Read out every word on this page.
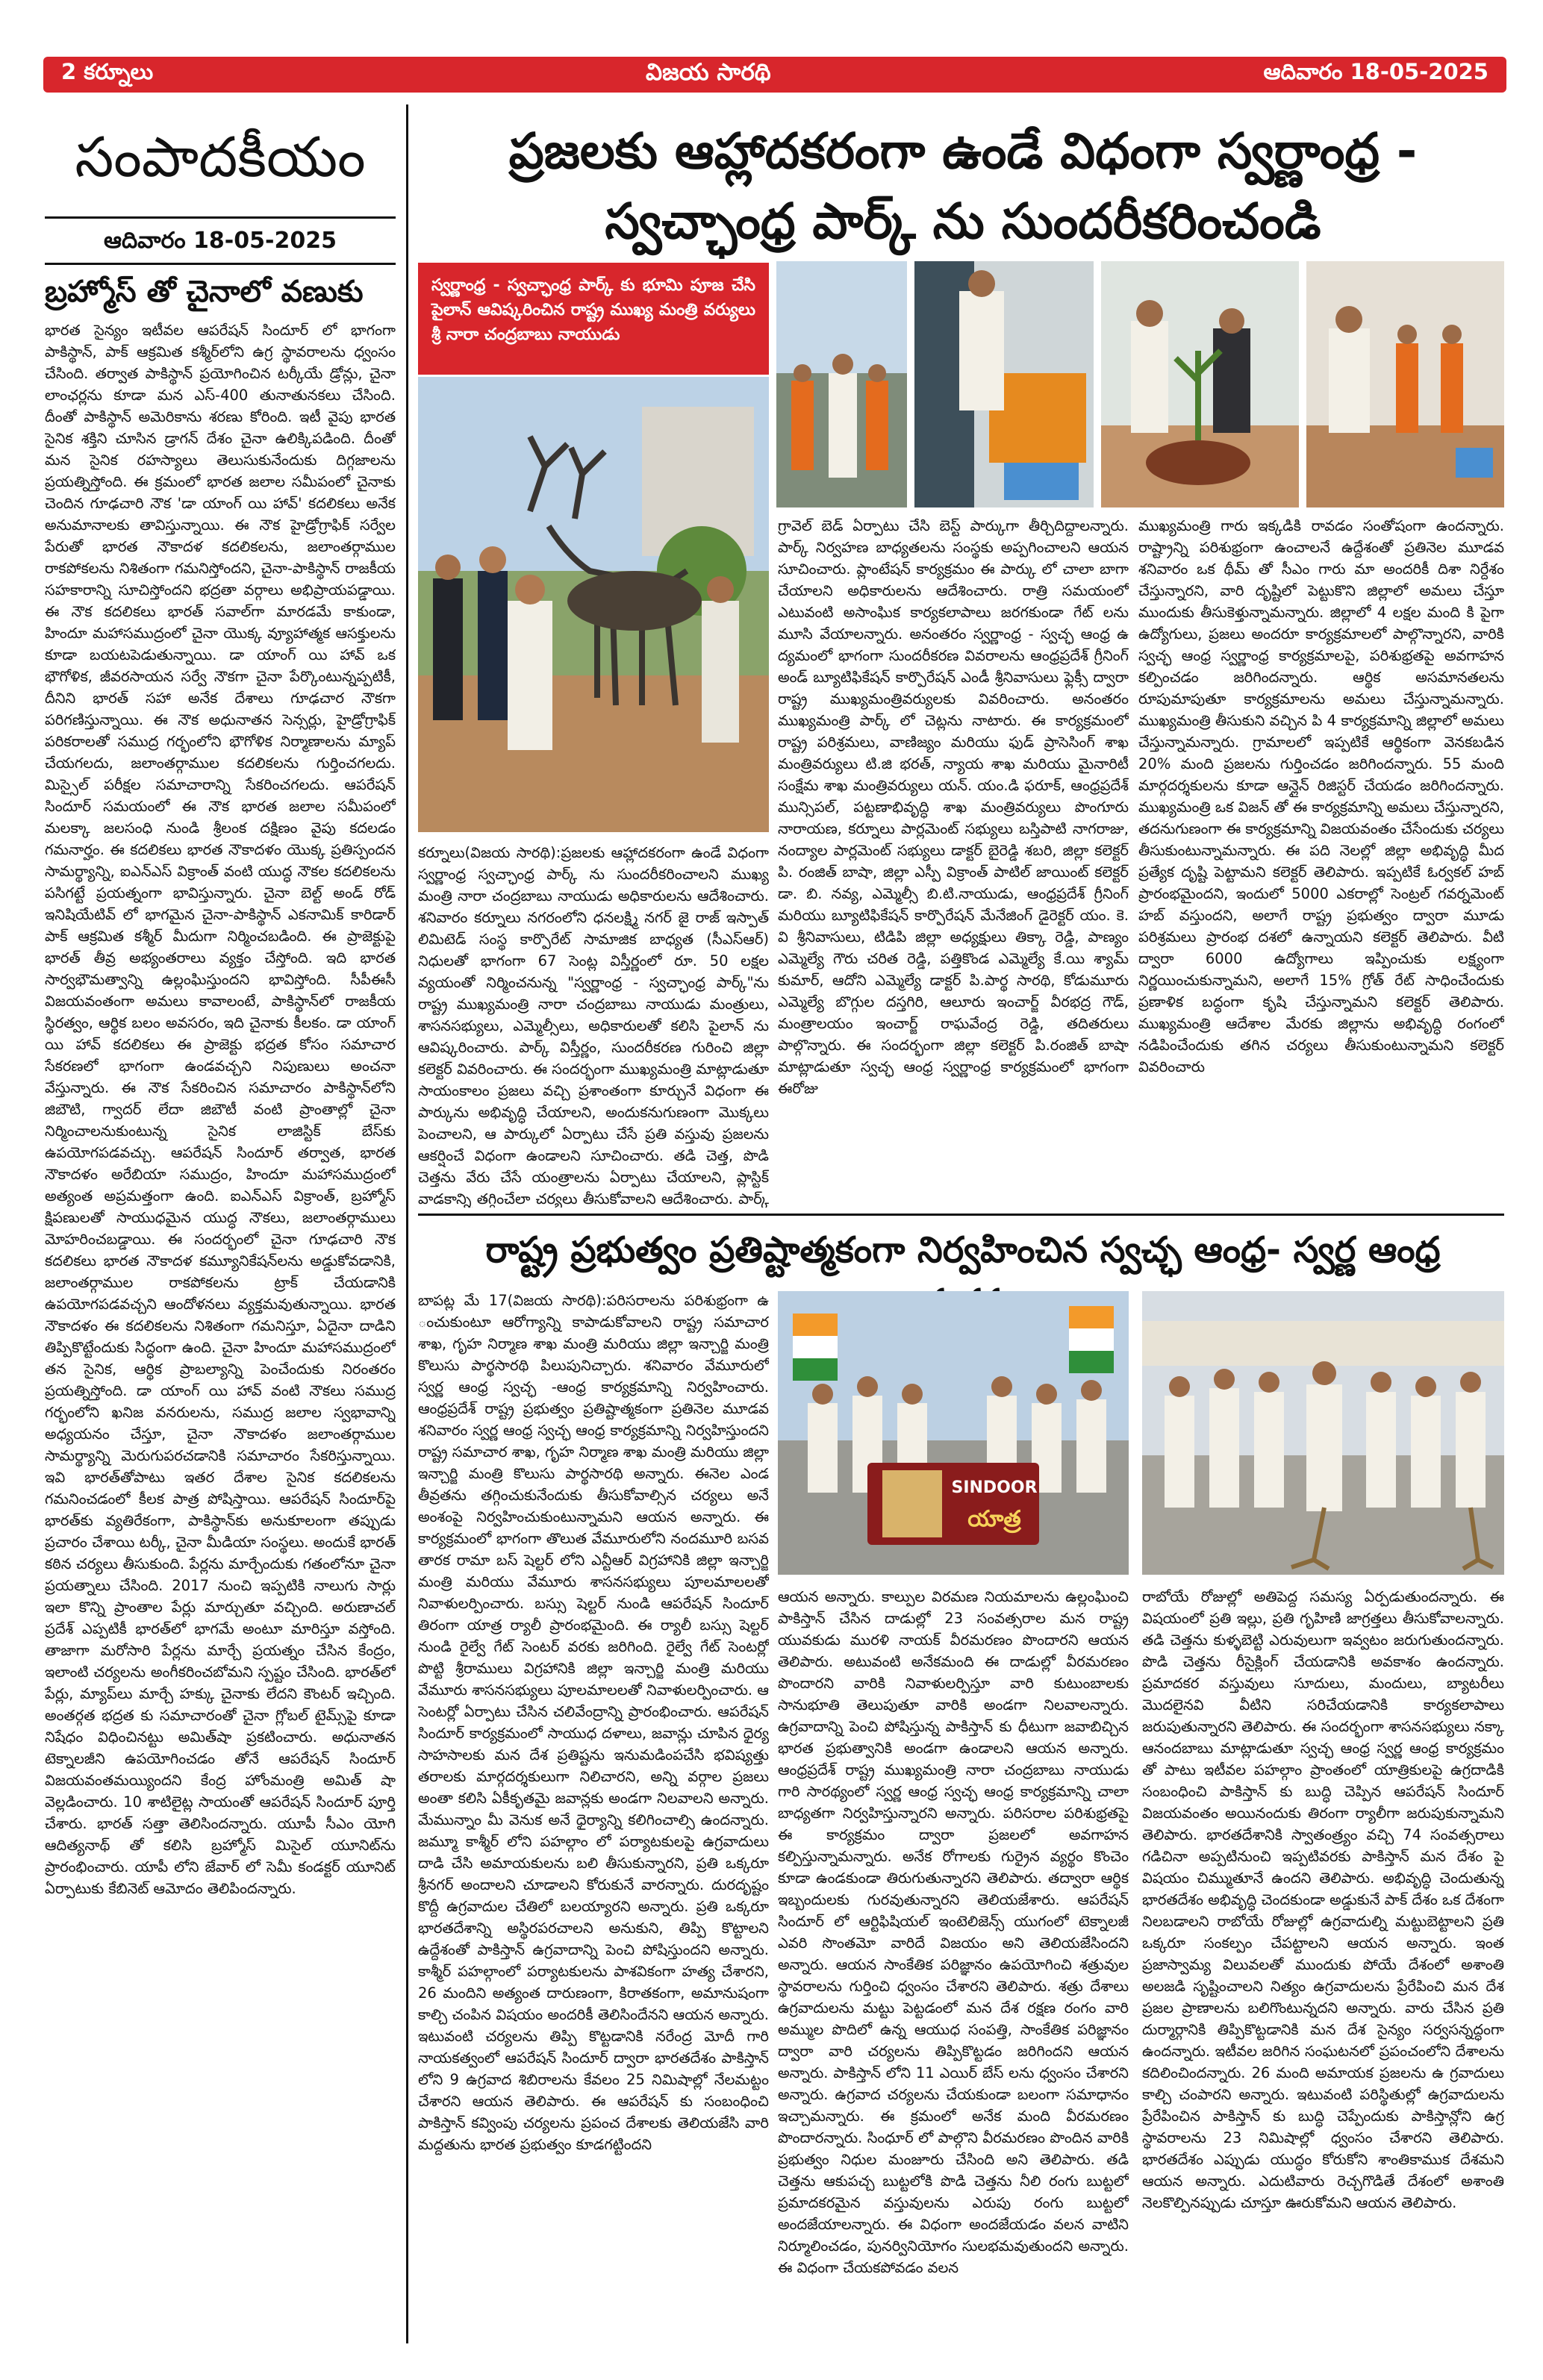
2 కర్నూలు	విజయ సారథి	ఆదివారం 18-05-2025
సంపాదకీయం
ఆదివారం 18-05-2025
బ్రహ్మోస్ తో చైనాలో వణుకు
భారత సైన్యం ఇటీవల ఆపరేషన్ సిందూర్ లో భాగంగా పాకిస్థాన్, పాక్ ఆక్రమిత కశ్మీర్‌లోని ఉగ్ర స్థావరాలను ధ్వంసం చేసింది. తర్వాత పాకిస్థాన్ ప్రయోగించిన టర్కీయే డ్రోన్లు, చైనా లాంఛర్లను కూడా మన ఎస్-400 తునాతునకలు చేసింది. దీంతో పాకిస్థాన్ అమెరికాను శరణు కోరింది. ఇటీ వైపు భారత సైనిక శక్తిని చూసిన డ్రాగన్ దేశం చైనా ఉలిక్కిపడింది. దీంతో మన సైనిక రహస్యాలు తెలుసుకునేందుకు దిగ్గజాలను ప్రయత్నిస్తోంది. ఈ క్రమంలో భారత జలాల సమీపంలో చైనాకు చెందిన గూఢచారి నౌక 'డా యాంగ్ యి హావ్' కదలికలు అనేక అనుమానాలకు తావిస్తున్నాయి. ఈ నౌక హైడ్రోగ్రాఫిక్ సర్వేల పేరుతో భారత నౌకాదళ కదలికలను, జలాంతర్గాముల రాకపోకలను నిశితంగా గమనిస్తోందని, చైనా-పాకిస్థాన్ రాజకీయ సహకారాన్ని సూచిస్తోందని భద్రతా వర్గాలు అభిప్రాయపడ్డాయి. ఈ నౌక కదలికలు భారత్ సవాల్‌గా మారడమే కాకుండా, హిందూ మహాసముద్రంలో చైనా యొక్క వ్యూహాత్మక ఆసక్తులను కూడా బయటపెడుతున్నాయి. డా యాంగ్ యి హావ్ ఒక భౌగోళిక, జీవరసాయన సర్వే నౌకగా చైనా పేర్కొంటున్నప్పటికీ, దీనిని భారత్ సహా అనేక దేశాలు గూఢచార నౌకగా పరిగణిస్తున్నాయి. ఈ నౌక అధునాతన సెన్సర్లు, హైడ్రోగ్రాఫిక్ పరికరాలతో సముద్ర గర్భంలోని భౌగోళిక నిర్మాణాలను మ్యాప్ చేయగలదు, జలాంతర్గాముల కదలికలను గుర్తించగలదు. మిస్సైల్ పరీక్షల సమాచారాన్ని సేకరించగలదు. ఆపరేషన్ సిందూర్ సమయంలో ఈ నౌక భారత జలాల సమీపంలో మలక్కా జలసంధి నుండి శ్రీలంక దక్షిణం వైపు కదలడం గమనార్హం. ఈ కదలికలు భారత నౌకాదళం యొక్క ప్రతిస్పందన సామర్థ్యాన్ని, ఐఎన్ఎస్ విక్రాంత్ వంటి యుద్ధ నౌకల కదలికలను పసిగట్టే ప్రయత్నంగా భావిస్తున్నారు. చైనా బెల్ట్ అండ్ రోడ్ ఇనిషియేటివ్ లో భాగమైన చైనా-పాకిస్థాన్ ఎకనామిక్ కారిడార్ పాక్ ఆక్రమిత కశ్మీర్ మీదుగా నిర్మించబడింది. ఈ ప్రాజెక్టుపై భారత్ తీవ్ర అభ్యంతరాలు వ్యక్తం చేస్తోంది. ఇది భారత సార్వభౌమత్వాన్ని ఉల్లంఘిస్తుందని భావిస్తోంది. సీపీఈసీ విజయవంతంగా అమలు కావాలంటే, పాకిస్థాన్‌లో రాజకీయ స్థిరత్వం, ఆర్థిక బలం అవసరం, ఇది చైనాకు కీలకం. డా యాంగ్ యి హావ్ కదలికలు ఈ ప్రాజెక్టు భద్రత కోసం సమాచార సేకరణలో భాగంగా ఉండవచ్చని నిపుణులు అంచనా వేస్తున్నారు. ఈ నౌక సేకరించిన సమాచారం పాకిస్థాన్‌లోని జిబౌటి, గ్వాదర్ లేదా జిబౌటీ వంటి ప్రాంతాల్లో చైనా నిర్మించాలనుకుంటున్న సైనిక లాజిస్టిక్ బేస్‌కు ఉపయోగపడవచ్చు. ఆపరేషన్ సిందూర్ తర్వాత, భారత నౌకాదళం అరేబియా సముద్రం, హిందూ మహాసముద్రంలో అత్యంత అప్రమత్తంగా ఉంది. ఐఎన్ఎస్ విక్రాంత్, బ్రహ్మోస్ క్షిపణులతో సాయుధమైన యుద్ధ నౌకలు, జలాంతర్గాములు మోహరించబడ్డాయి. ఈ సందర్భంలో చైనా గూఢచారి నౌక కదలికలు భారత నౌకాదళ కమ్యూనికేషన్‌లను అడ్డుకోవడానికి, జలాంతర్గాముల రాకపోకలను ట్రాక్ చేయడానికి ఉపయోగపడవచ్చని ఆందోళనలు వ్యక్తమవుతున్నాయి. భారత నౌకాదళం ఈ కదలికలను నిశితంగా గమనిస్తూ, ఏదైనా దాడిని తిప్పికొట్టేందుకు సిద్ధంగా ఉంది. చైనా హిందూ మహాసముద్రంలో తన సైనిక, ఆర్థిక ప్రాబల్యాన్ని పెంచేందుకు నిరంతరం ప్రయత్నిస్తోంది. డా యాంగ్ యి హావ్ వంటి నౌకలు సముద్ర గర్భంలోని ఖనిజ వనరులను, సముద్ర జలాల స్వభావాన్ని అధ్యయనం చేస్తూ, చైనా నౌకాదళం జలాంతర్గాముల సామర్థ్యాన్ని మెరుగుపరచడానికి సమాచారం సేకరిస్తున్నాయి. ఇవి భారత్‌తోపాటు ఇతర దేశాల సైనిక కదలికలను గమనించడంలో కీలక పాత్ర పోషిస్తాయి. ఆపరేషన్ సిందూర్‌పై భారత్‌కు వ్యతిరేకంగా, పాకిస్థాన్‌కు అనుకూలంగా తప్పుడు ప్రచారం చేశాయి టర్కీ, చైనా మీడియా సంస్థలు. అందుకే భారత్ కఠిన చర్యలు తీసుకుంది. పేర్లను మార్చేందుకు గతంలోనూ చైనా ప్రయత్నాలు చేసింది. 2017 నుంచి ఇప్పటికి నాలుగు సార్లు ఇలా కొన్ని ప్రాంతాల పేర్లు మార్చుతూ వచ్చింది. అరుణాచల్ ప్రదేశ్ ఎప్పటికీ భారత్‌లో భాగమే అంటూ మారిస్తూ వస్తోంది. తాజాగా మరోసారి పేర్లను మార్చే ప్రయత్నం చేసిన కేంద్రం, ఇలాంటి చర్యలను అంగీకరించబోమని స్పష్టం చేసింది. భారత్‌లో పేర్లు, మ్యాప్‌లు మార్చే హక్కు చైనాకు లేదని కౌంటర్ ఇచ్చింది. అంతర్గత భద్రత కు సమాచారంతో చైనా గ్లోబల్ టైమ్స్‌పై కూడా నిషేధం విధించినట్టు అమిత్‌షా ప్రకటించారు. అధునాతన టెక్నాలజీని ఉపయోగించడం తోనే ఆపరేషన్ సిందూర్ విజయవంతమయ్యిందని కేంద్ర హోంమంత్రి అమిత్ షా వెల్లడించారు. 10 శాటిలైట్ల సాయంతో ఆపరేషన్ సిందూర్ పూర్తి చేశారు. భారత్ సత్తా తెలిసిందన్నారు. యూపీ సీఎం యోగి ఆదిత్యనాథ్ తో కలిసి బ్రహ్మోస్ మిసైల్ యూనిట్‌ను ప్రారంభించారు. యాపీ లోని జేవార్ లో సెమీ కండక్టర్ యూనిట్ ఏర్పాటుకు కేబినెట్ ఆమోదం తెలిపిందన్నారు.
ప్రజలకు ఆహ్లాదకరంగా ఉండే విధంగా స్వర్ణాంధ్ర -
స్వచ్ఛాంధ్ర పార్క్ ను సుందరీకరించండి
స్వర్ణాంధ్ర - స్వచ్ఛాంధ్ర పార్క్ కు భూమి పూజ చేసి పైలాన్ ఆవిష్కరించిన రాష్ట్ర ముఖ్య మంత్రి వర్యులు శ్రీ నారా చంద్రబాబు నాయుడు
కర్నూలు(విజయ సారథి):ప్రజలకు ఆహ్లాదకరంగా ఉండే విధంగా స్వర్ణాంధ్ర స్వచ్ఛాంధ్ర పార్క్ ను సుందరీకరించాలని ముఖ్య మంత్రి నారా చంద్రబాబు నాయుడు అధికారులను ఆదేశించారు. శనివారం కర్నూలు నగరంలోని ధనలక్ష్మి నగర్ జై రాజ్ ఇస్పాత్ లిమిటెడ్ సంస్థ కార్పొరేట్ సామాజిక బాధ్యత (సీఎస్ఆర్) నిధులతో భాగంగా 67 సెంట్ల విస్తీర్ణంలో రూ. 50 లక్షల వ్యయంతో నిర్మించనున్న "స్వర్ణాంధ్ర - స్వచ్ఛాంధ్ర పార్క్"ను రాష్ట్ర ముఖ్యమంత్రి నారా చంద్రబాబు నాయుడు మంత్రులు, శాసనసభ్యులు, ఎమ్మెల్సీలు, అధికారులతో కలిసి పైలాన్ ను ఆవిష్కరించారు. పార్క్ విస్తీర్ణం, సుందరీకరణ గురించి జిల్లా కలెక్టర్ వివరించారు. ఈ సందర్భంగా ముఖ్యమంత్రి మాట్లాడుతూ సాయంకాలం ప్రజలు వచ్చి ప్రశాంతంగా కూర్చునే విధంగా ఈ పార్కును అభివృద్ధి చేయాలని, అందుకనుగుణంగా మొక్కలు పెంచాలని, ఆ పార్కులో ఏర్పాటు చేసే ప్రతి వస్తువు ప్రజలను ఆకర్షించే విధంగా ఉండాలని సూచించారు. తడి చెత్త, పొడి చెత్తను వేరు చేసే యంత్రాలను ఏర్పాటు చేయాలని, ప్లాస్టిక్ వాడకాన్ని తగ్గించేలా చర్యలు తీసుకోవాలని ఆదేశించారు. పార్క్
గ్రావెల్ బెడ్ ఏర్పాటు చేసి బెస్ట్ పార్కుగా తీర్చిదిద్దాలన్నారు. పార్క్ నిర్వహణ బాధ్యతలను సంస్థకు అప్పగించాలని ఆయన సూచించారు. ప్లాంటేషన్ కార్యక్రమం ఈ పార్కు లో చాలా బాగా చేయాలని అధికారులను ఆదేశించారు. రాత్రి సమయంలో ఎటువంటి అసాంఘిక కార్యకలాపాలు జరగకుండా గేట్ లను మూసి వేయాలన్నారు. అనంతరం స్వర్ణాంధ్ర - స్వచ్ఛ ఆంధ్ర ఉ ద్యమంలో భాగంగా సుందరీకరణ వివరాలను ఆంధ్రప్రదేశ్ గ్రీనింగ్ అండ్ బ్యూటిఫికేషన్ కార్పొరేషన్ ఎండీ శ్రీనివాసులు ఫ్లెక్సీ ద్వారా రాష్ట్ర ముఖ్యమంత్రివర్యులకు వివరించారు. అనంతరం ముఖ్యమంత్రి పార్క్ లో చెట్లను నాటారు. ఈ కార్యక్రమంలో రాష్ట్ర పరిశ్రమలు, వాణిజ్యం మరియు ఫుడ్ ప్రాసెసింగ్ శాఖ మంత్రివర్యులు టి.జి భరత్, న్యాయ శాఖ మరియు మైనారిటీ సంక్షేమ శాఖ మంత్రివర్యులు యన్. యం.డి ఫరూక్, ఆంధ్రప్రదేశ్ మున్సిపల్, పట్టణాభివృద్ధి శాఖ మంత్రివర్యులు పొంగూరు నారాయణ, కర్నూలు పార్లమెంట్ సభ్యులు బస్తిపాటి నాగరాజు, నంద్యాల పార్లమెంట్ సభ్యులు డాక్టర్ బైరెడ్డి శబరి, జిల్లా కలెక్టర్ పి. రంజిత్ బాషా, జిల్లా ఎస్పీ విక్రాంత్ పాటిల్ జాయింట్ కలెక్టర్ డా. బి. నవ్య, ఎమ్మెల్సీ బి.టి.నాయుడు, ఆంధ్రప్రదేశ్ గ్రీనింగ్ మరియు బ్యూటిఫికేషన్ కార్పొరేషన్ మేనేజింగ్ డైరెక్టర్ యం. కె. వి శ్రీనివాసులు, టిడిపి జిల్లా అధ్యక్షులు తిక్కా రెడ్డి, పాణ్యం ఎమ్మెల్యే గౌరు చరిత రెడ్డి, పత్తికొండ ఎమ్మెల్యే కే.యి శ్యామ్ కుమార్, ఆదోని ఎమ్మెల్యే డాక్టర్ పి.పార్థ సారథి, కోడుమూరు ఎమ్మెల్యే బొగ్గుల దస్తగిరి, ఆలూరు ఇంచార్జ్ వీరభద్ర గౌడ్, మంత్రాలయం ఇంచార్జ్ రాఘవేంద్ర రెడ్డి, తదితరులు పాల్గొన్నారు. ఈ సందర్భంగా జిల్లా కలెక్టర్ పి.రంజిత్ బాషా మాట్లాడుతూ స్వచ్ఛ ఆంధ్ర స్వర్ణాంధ్ర కార్యక్రమంలో భాగంగా ఈరోజు
ముఖ్యమంత్రి గారు ఇక్కడికి రావడం సంతోషంగా ఉందన్నారు. రాష్ట్రాన్ని పరిశుభ్రంగా ఉంచాలనే ఉద్దేశంతో ప్రతినెల మూడవ శనివారం ఒక థీమ్ తో సీఎం గారు మా అందరికీ దిశా నిర్దేశం చేస్తున్నారని, వారి దృష్టిలో పెట్టుకొని జిల్లాలో అమలు చేస్తూ ముందుకు తీసుకెళ్తున్నామన్నారు. జిల్లాలో 4 లక్షల మంది కి పైగా ఉద్యోగులు, ప్రజలు అందరూ కార్యక్రమాలలో పాల్గొన్నారని, వారికి స్వచ్ఛ ఆంధ్ర స్వర్ణాంధ్ర కార్యక్రమాలపై, పరిశుభ్రతపై అవగాహన కల్పించడం జరిగిందన్నారు. ఆర్థిక అసమానతలను రూపుమాపుతూ కార్యక్రమాలను అమలు చేస్తున్నామన్నారు. ముఖ్యమంత్రి తీసుకుని వచ్చిన పి 4 కార్యక్రమాన్ని జిల్లాలో అమలు చేస్తున్నామన్నారు. గ్రామాలలో ఇప్పటికే ఆర్థికంగా వెనకబడిన 20% మంది ప్రజలను గుర్తించడం జరిగిందన్నారు. 55 మంది మార్గదర్శకులను కూడా ఆన్లైన్ రిజిస్టర్ చేయడం జరిగిందన్నారు. ముఖ్యమంత్రి ఒక విజన్ తో ఈ కార్యక్రమాన్ని అమలు చేస్తున్నారని, తదనుగుణంగా ఈ కార్యక్రమాన్ని విజయవంతం చేసేందుకు చర్యలు తీసుకుంటున్నామన్నారు. ఈ పది నెలల్లో జిల్లా అభివృద్ధి మీద ప్రత్యేక దృష్టి పెట్టామని కలెక్టర్ తెలిపారు. ఇప్పటికే ఓర్వకల్ హబ్ ప్రారంభమైందని, ఇందులో 5000 ఎకరాల్లో సెంట్రల్ గవర్నమెంట్ హబ్ వస్తుందని, అలాగే రాష్ట్ర ప్రభుత్వం ద్వారా మూడు పరిశ్రమలు ప్రారంభ దశలో ఉన్నాయని కలెక్టర్ తెలిపారు. వీటి ద్వారా 6000 ఉద్యోగాలు ఇప్పించుకు లక్ష్యంగా నిర్ణయించుకున్నామని, అలాగే 15% గ్రోత్ రేట్ సాధించేందుకు ప్రణాళిక బద్ధంగా కృషి చేస్తున్నామని కలెక్టర్ తెలిపారు. ముఖ్యమంత్రి ఆదేశాల మేరకు జిల్లాను అభివృద్ధి రంగంలో నడిపించేందుకు తగిన చర్యలు తీసుకుంటున్నామని కలెక్టర్ వివరించారు
రాష్ట్ర ప్రభుత్వం ప్రతిష్టాత్మకంగా నిర్వహించిన స్వచ్ఛ ఆంధ్ర- స్వర్ణ ఆంధ్ర
SINDOOR
యాత్ర
బాపట్ల మే 17(విజయ సారథి):పరిసరాలను పరిశుభ్రంగా ఉ ంచుకుంటూ ఆరోగ్యాన్ని కాపాడుకోవాలని రాష్ట్ర సమాచార శాఖ, గృహ నిర్మాణ శాఖ మంత్రి మరియు జిల్లా ఇన్చార్జి మంత్రి కొలుసు పార్థసారథి పిలుపునిచ్చారు. శనివారం వేమూరులో స్వర్ణ ఆంధ్ర స్వచ్ఛ -ఆంధ్ర కార్యక్రమాన్ని నిర్వహించారు. ఆంధ్రప్రదేశ్ రాష్ట్ర ప్రభుత్వం ప్రతిష్టాత్మకంగా ప్రతినెల మూడవ శనివారం స్వర్ణ ఆంధ్ర స్వచ్ఛ ఆంధ్ర కార్యక్రమాన్ని నిర్వహిస్తుందని రాష్ట్ర సమాచార శాఖ, గృహ నిర్మాణ శాఖ మంత్రి మరియు జిల్లా ఇన్చార్జి మంత్రి కొలుసు పార్థసారథి అన్నారు. ఈనెల ఎండ తీవ్రతను తగ్గించుకునేందుకు తీసుకోవాల్సిన చర్యలు అనే అంశంపై నిర్వహించుకుంటున్నామని ఆయన అన్నారు. ఈ కార్యక్రమంలో భాగంగా తొలుత వేమూరులోని నందమూరి బసవ తారక రామా బస్ షెల్టర్ లోని ఎన్టీఆర్ విగ్రహానికి జిల్లా ఇన్చార్జి మంత్రి మరియు వేమూరు శాసనసభ్యులు పూలమాలలతో నివాళులర్పించారు. బస్సు షెల్టర్ నుండి ఆపరేషన్ సిందూర్ తిరంగా యాత్ర ర్యాలీ ప్రారంభమైంది. ఈ ర్యాలీ బస్సు షెల్టర్ నుండి రైల్వే గేట్ సెంటర్ వరకు జరిగింది. రైల్వే గేట్ సెంటర్లో పొట్టి శ్రీరాములు విగ్రహానికి జిల్లా ఇన్చార్జి మంత్రి మరియు వేమూరు శాసనసభ్యులు పూలమాలలతో నివాళులర్పించారు. ఆ సెంటర్లో ఏర్పాటు చేసిన చలివేంద్రాన్ని ప్రారంభించారు. ఆపరేషన్ సిందూర్ కార్యక్రమంలో సాయుధ దళాలు, జవాన్లు చూపిన ధైర్య సాహసాలకు మన దేశ ప్రతిష్టను ఇనుమడింపచేసి భవిష్యత్తు తరాలకు మార్గదర్శకులుగా నిలిచారని, అన్ని వర్గాల ప్రజలు అంతా కలిసి ఏకీకృతమై జవాన్లకు అండగా నిలవాలని అన్నారు. మేమున్నాం మీ వెనుక అనే ధైర్యాన్ని కలిగించాల్సి ఉందన్నారు. జమ్మూ కాశ్మీర్ లోని పహల్గాం లో పర్యాటకులపై ఉగ్రవాదులు దాడి చేసి అమాయకులను బలి తీసుకున్నారని, ప్రతి ఒక్కరూ శ్రీనగర్ అందాలని చూడాలని కోరుకునే వారన్నారు. దురదృష్టం కొద్దీ ఉగ్రవాదుల చేతిలో బలయ్యారని అన్నారు. ప్రతి ఒక్కరూ భారతదేశాన్ని అస్థిరపరచాలని అనుకుని, తిప్పి కొట్టాలని ఉద్దేశంతో పాకిస్తాన్ ఉగ్రవాదాన్ని పెంచి పోషిస్తుందని అన్నారు. కాశ్మీర్ పహల్గాంలో పర్యాటకులను పాశవికంగా హత్య చేశారని, 26 మందిని అత్యంత దారుణంగా, కిరాతకంగా, అమానుషంగా కాల్చి చంపిన విషయం అందరికీ తెలిసిందేనని ఆయన అన్నారు. ఇటువంటి చర్యలను తిప్పి కొట్టడానికి నరేంద్ర మోదీ గారి నాయకత్వంలో ఆపరేషన్ సిందూర్ ద్వారా భారతదేశం పాకిస్తాన్ లోని 9 ఉగ్రవాద శిబిరాలను కేవలం 25 నిమిషాల్లో నేలమట్టం చేశారని ఆయన తెలిపారు. ఈ ఆపరేషన్ కు సంబంధించి పాకిస్తాన్ కవ్వింపు చర్యలను ప్రపంచ దేశాలకు తెలియజేసి వారి మద్దతును భారత ప్రభుత్వం కూడగట్టిందని
ఆయన అన్నారు. కాల్పుల విరమణ నియమాలను ఉల్లంఘించి పాకిస్తాన్ చేసిన దాడుల్లో 23 సంవత్సరాల మన రాష్ట్ర యువకుడు మురళి నాయక్ వీరమరణం పొందారని ఆయన తెలిపారు. అటువంటి అనేకమంది ఈ దాడుల్లో వీరమరణం పొందారని వారికి నివాళులర్పిస్తూ వారి కుటుంబాలకు సానుభూతి తెలుపుతూ వారికి అండగా నిలవాలన్నారు. ఉగ్రవాదాన్ని పెంచి పోషిస్తున్న పాకిస్తాన్ కు ధీటుగా జవాబిచ్చిన భారత ప్రభుత్వానికి అండగా ఉండాలని ఆయన అన్నారు. ఆంధ్రప్రదేశ్ రాష్ట్ర ముఖ్యమంత్రి నారా చంద్రబాబు నాయుడు గారి సారథ్యంలో స్వర్ణ ఆంధ్ర స్వచ్ఛ ఆంధ్ర కార్యక్రమాన్ని చాలా బాధ్యతగా నిర్వహిస్తున్నారని అన్నారు. పరిసరాల పరిశుభ్రతపై ఈ కార్యక్రమం ద్వారా ప్రజలలో అవగాహన కల్పిస్తున్నామన్నారు. అనేక రోగాలకు గుర్రైన వ్యర్థం కొంచెం కూడా ఉండకుండా తిరుగుతున్నారని తెలిపారు. తద్వారా ఆర్థిక ఇబ్బందులకు గురవుతున్నారని తెలియజేశారు. ఆపరేషన్ సిందూర్ లో ఆర్టిఫిషియల్ ఇంటెలిజెన్స్ యుగంలో టెక్నాలజీ ఎవరి సొంతమో వారిదే విజయం అని తెలియజేసిందని అన్నారు. ఆయన సాంకేతిక పరిజ్ఞానం ఉపయోగించి శత్రువుల స్థావరాలను గుర్తించి ధ్వంసం చేశారని తెలిపారు. శత్రు దేశాలు ఉగ్రవాదులను మట్టు పెట్టడంలో మన దేశ రక్షణ రంగం వారి అమ్ముల పొదిలో ఉన్న ఆయుధ సంపత్తి, సాంకేతిక పరిజ్ఞానం ద్వారా వారి చర్యలను తిప్పికొట్టడం జరిగిందని ఆయన అన్నారు. పాకిస్తాన్ లోని 11 ఎయిర్ బేస్ లను ధ్వంసం చేశారని అన్నారు. ఉగ్రవాద చర్యలను చేయకుండా బలంగా సమాధానం ఇచ్చామన్నారు. ఈ క్రమంలో అనేక మంది వీరమరణం పొందారన్నారు. సింధూర్ లో పాల్గొని వీరమరణం పొందిన వారికి ప్రభుత్వం నిధుల మంజూరు చేసింది అని తెలిపారు. తడి చెత్తను ఆకుపచ్చ బుట్టలోకి పొడి చెత్తను నీలి రంగు బుట్టలో ప్రమాదకరమైన వస్తువులను ఎరుపు రంగు బుట్టలో అందజేయాలన్నారు. ఈ విధంగా అందజేయడం వలన వాటిని నిర్మూలించడం, పునర్వినియోగం సులభమవుతుందని అన్నారు. ఈ విధంగా చేయకపోవడం వలన
రాబోయే రోజుల్లో అతిపెద్ద సమస్య ఏర్పడుతుందన్నారు. ఈ విషయంలో ప్రతి ఇల్లు, ప్రతి గృహిణి జాగ్రత్తలు తీసుకోవాలన్నారు. తడి చెత్తను కుళ్ళబెట్టి ఎరువులుగా ఇవ్వటం జరుగుతుందన్నారు. పొడి చెత్తను రీసైక్లింగ్ చేయడానికి అవకాశం ఉందన్నారు. ప్రమాదకర వస్తువులు సూదులు, మందులు, బ్యాటరీలు మొదలైనవి వీటిని సరిచేయడానికి కార్యకలాపాలు జరుపుతున్నారని తెలిపారు. ఈ సందర్భంగా శాసనసభ్యులు నక్కా ఆనందబాబు మాట్లాడుతూ స్వచ్ఛ ఆంధ్ర స్వర్ణ ఆంధ్ర కార్యక్రమం తో పాటు ఇటీవల పహల్గాం ప్రాంతంలో యాత్రికులపై ఉగ్రదాడికి సంబంధించి పాకిస్తాన్ కు బుద్ధి చెప్పిన ఆపరేషన్ సిందూర్ విజయవంతం అయినందుకు తిరంగా ర్యాలీగా జరుపుకున్నామని తెలిపారు. భారతదేశానికి స్వాతంత్ర్యం వచ్చి 74 సంవత్సరాలు గడిచినా అప్పటినుంచి ఇప్పటివరకు పాకిస్తాన్ మన దేశం పై విషయం చిమ్ముతూనే ఉందని తెలిపారు. అభివృద్ధి చెందుతున్న భారతదేశం అభివృద్ధి చెందకుండా అడ్డుకునే పాక్ దేశం ఒక దేశంగా నిలబడాలని రాబోయే రోజుల్లో ఉగ్రవాదుల్ని మట్టుబెట్టాలని ప్రతి ఒక్కరూ సంకల్పం చేపట్టాలని ఆయన అన్నారు. ఇంత ప్రజాస్వామ్య విలువలతో ముందుకు పోయే దేశంలో అశాంతి అలజడి సృష్టించాలని నిత్యం ఉగ్రవాదులను ప్రేరేపించి మన దేశ ప్రజల ప్రాణాలను బలిగొంటున్నదని అన్నారు. వారు చేసిన ప్రతి దుర్మార్గానికి తిప్పికొట్టడానికి మన దేశ సైన్యం సర్వసన్నద్ధంగా ఉందన్నారు. ఇటీవల జరిగిన సంఘటనలో ప్రపంచంలోని దేశాలను కదిలించిందన్నారు. 26 మంది అమాయక ప్రజలను ఉ గ్రవాదులు కాల్చి చంపారని అన్నారు. ఇటువంటి పరిస్థితుల్లో ఉగ్రవాదులను ప్రేరేపించిన పాకిస్తాన్ కు బుద్ధి చెప్పేందుకు పాకిస్తాన్లోని ఉగ్ర స్థావరాలను 23 నిమిషాల్లో ధ్వంసం చేశారని తెలిపారు. భారతదేశం ఎప్పుడు యుద్ధం కోరుకోని శాంతికాముక దేశమని ఆయన అన్నారు. ఎదుటివారు రెచ్చగొడితే దేశంలో అశాంతి నెలకొల్పినప్పుడు చూస్తూ ఊరుకోమని ఆయన తెలిపారు.
